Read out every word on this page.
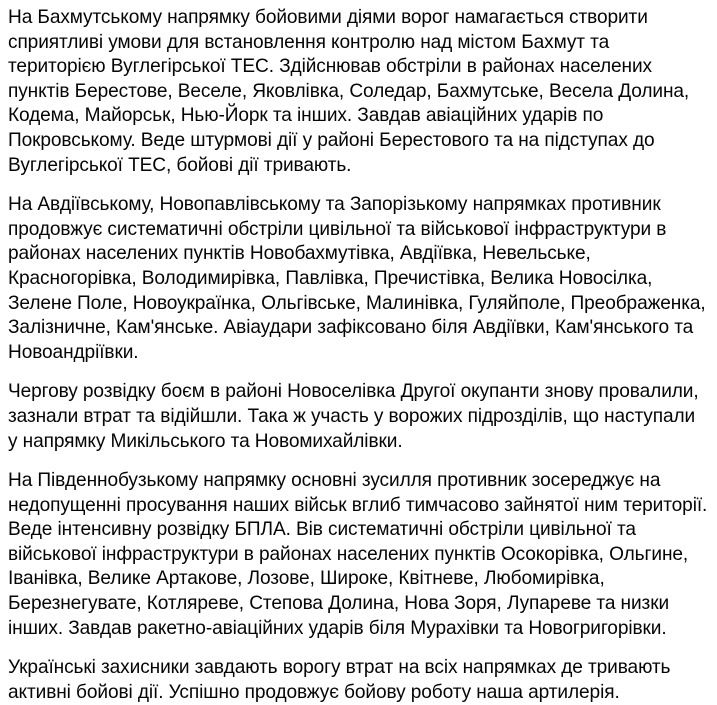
На Бахмутському напрямку бойовими діями ворог намагається створити сприятливі умови для встановлення контролю над містом Бахмут та територією Вуглегірської ТЕС. Здійснював обстріли в районах населених пунктів Берестове, Веселе, Яковлівка, Соледар, Бахмутське, Весела Долина, Кодема, Майорськ, Нью-Йорк та інших. Завдав авіаційних ударів по Покровському. Веде штурмові дії у районі Берестового та на підступах до Вуглегірської ТЕС, бойові дії тривають.

На Авдіївському, Новопавлівському та Запорізькому напрямках противник продовжує систематичні обстріли цивільної та військової інфраструктури в районах населених пунктів Новобахмутівка, Авдіївка, Невельське, Красногорівка, Володимирівка, Павлівка, Пречистівка, Велика Новосілка, Зелене Поле, Новоукраїнка, Ольгівське, Малинівка, Гуляйполе, Преображенка, Залізничне, Кам'янське. Авіаудари зафіксовано біля Авдіївки, Кам'янського та Новоандріївки.

Чергову розвідку боєм в районі Новоселівка Другої окупанти знову провалили, зазнали втрат та відійшли. Така ж участь у ворожих підрозділів, що наступали у напрямку Микільського та Новомихайлівки.

На Південнобузькому напрямку основні зусилля противник зосереджує на недопущенні просування наших військ вглиб тимчасово зайнятої ним території. Веде інтенсивну розвідку БПЛА. Вів систематичні обстріли цивільної та військової інфраструктури в районах населених пунктів Осокорівка, Ольгине, Іванівка, Велике Артакове, Лозове, Широке, Квітневе, Любомирівка, Березнегувате, Котляреве, Степова Долина, Нова Зоря, Лупареве та низки інших. Завдав ракетно-авіаційних ударів біля Мурахівки та Новогригорівки.

Українські захисники завдають ворогу втрат на всіх напрямках де тривають активні бойові дії. Успішно продовжує бойову роботу наша артилерія.
